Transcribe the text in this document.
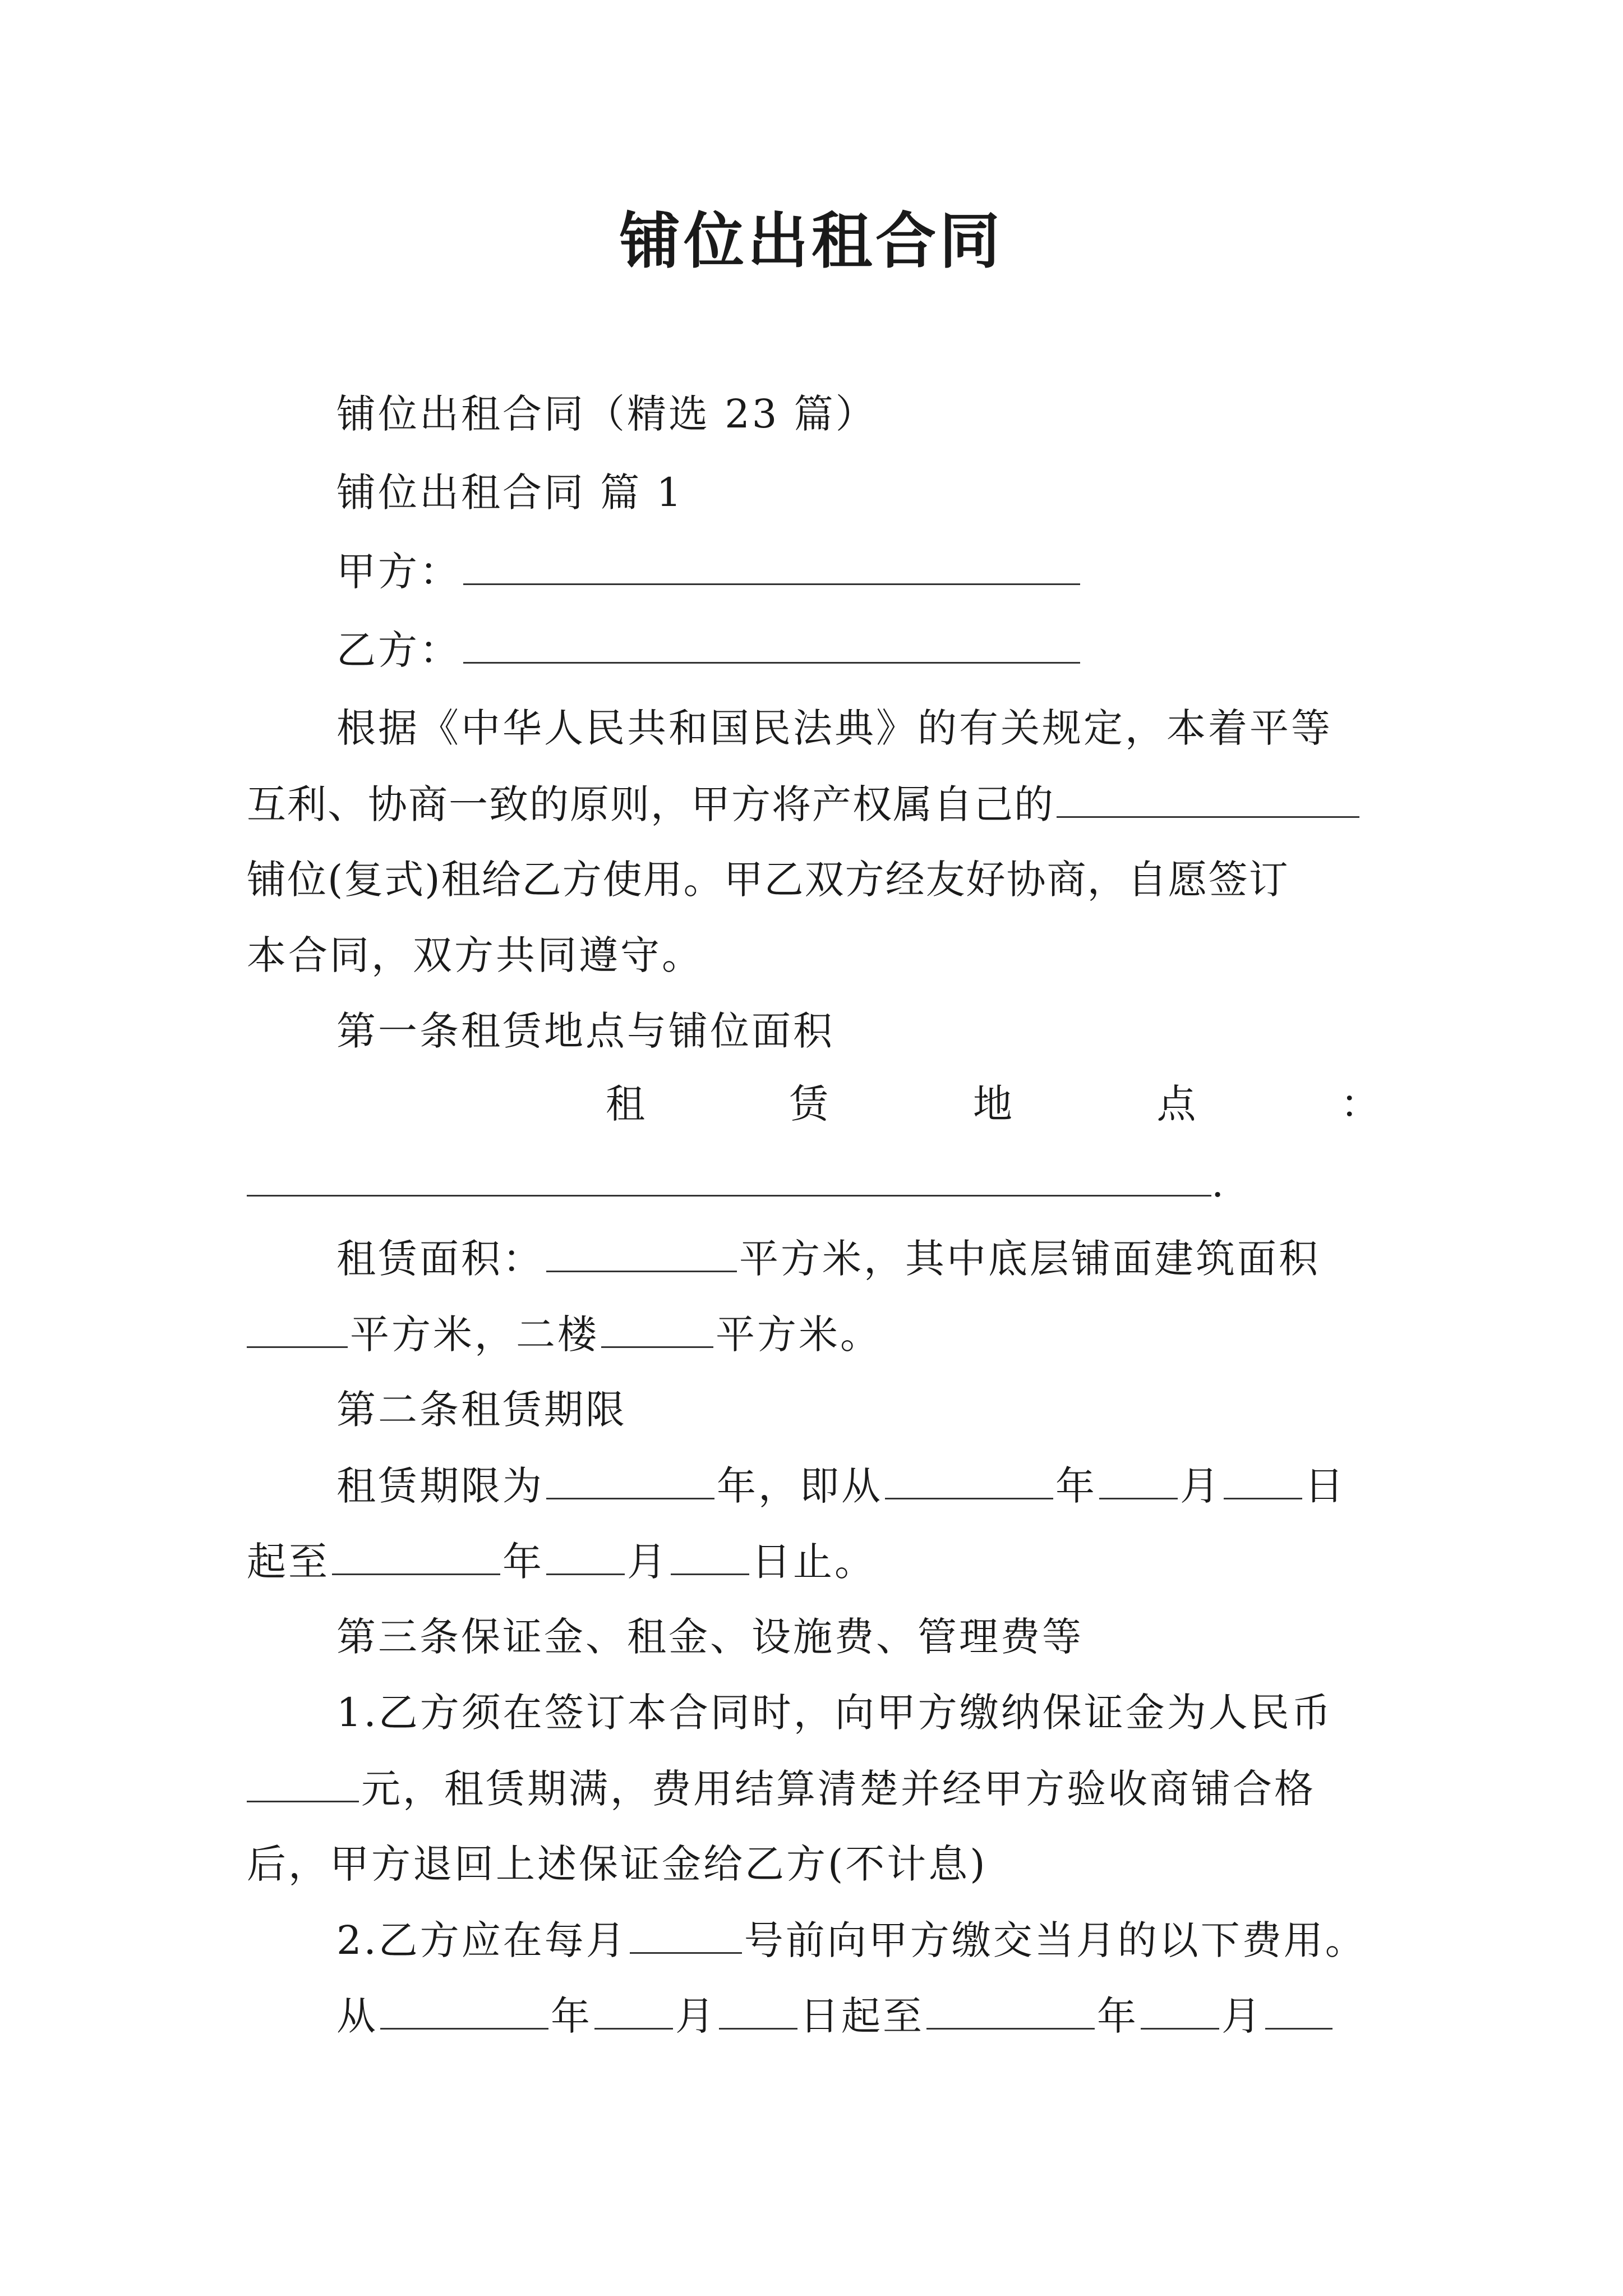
铺位出租合同
铺位出租合同（精选 23 篇）
铺位出租合同 篇 1
甲方：
乙方：
根据《中华人民共和国民法典》的有关规定，本着平等
互利、协商一致的原则，甲方将产权属自己的
铺位(复式)租给乙方使用。甲乙双方经友好协商，自愿签订
本合同，双方共同遵守。
第一条租赁地点与铺位面积
租	赁	地	点	：
.
租赁面积：	平方米，其中底层铺面建筑面积
平方米，二楼	平方米。
第二条租赁期限
租赁期限为	年，即从	年 月 日
起至	年 月 日止。
第三条保证金、租金、设施费、管理费等
1.乙方须在签订本合同时，向甲方缴纳保证金为人民币
元，租赁期满，费用结算清楚并经甲方验收商铺合格
后，甲方退回上述保证金给乙方(不计息)
2.乙方应在每月	号前向甲方缴交当月的以下费用。
从	年 月 日起至	年 月
